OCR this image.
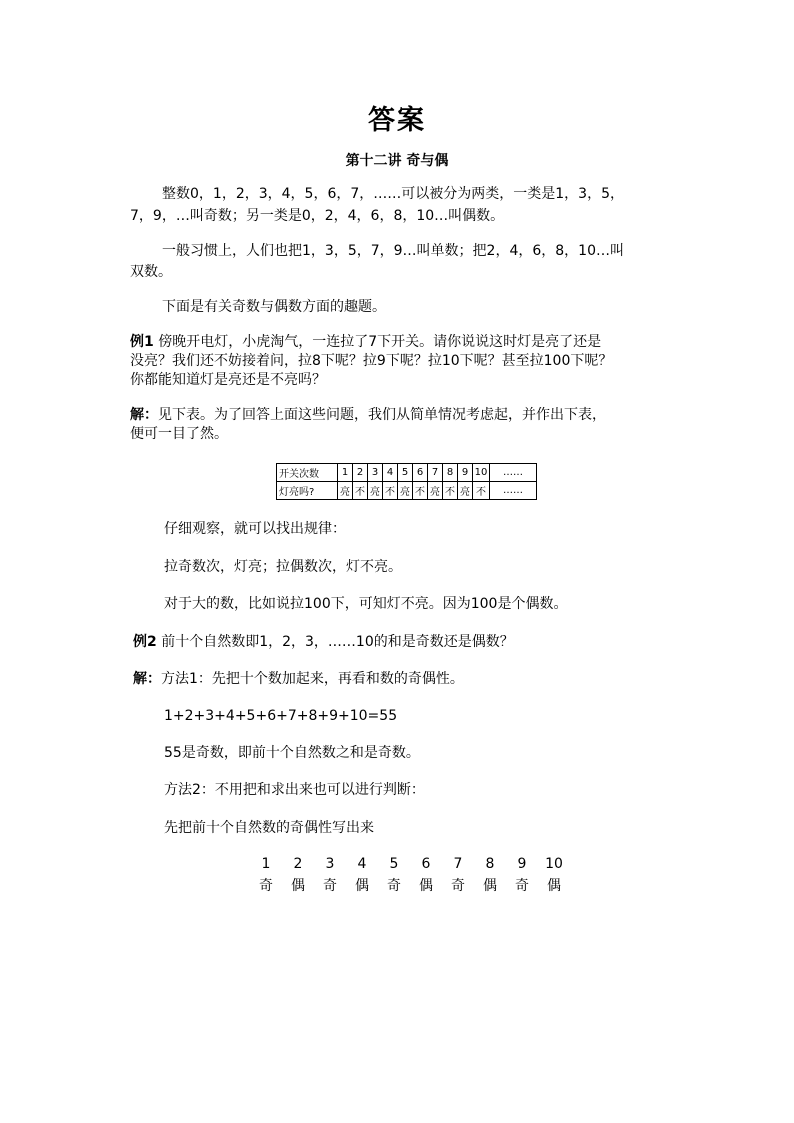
答案
第十二讲 奇与偶
整数0，1，2，3，4，5，6，7，……可以被分为两类，一类是1，3，5，
7，9，…叫奇数；另一类是0，2，4，6，8，10…叫偶数。
一般习惯上，人们也把1，3，5，7，9…叫单数；把2，4，6，8，10…叫
双数。
下面是有关奇数与偶数方面的趣题。
例1 傍晚开电灯，小虎淘气，一连拉了7下开关。请你说说这时灯是亮了还是
没亮？我们还不妨接着问，拉8下呢？拉9下呢？拉10下呢？甚至拉100下呢？
你都能知道灯是亮还是不亮吗？
解：见下表。为了回答上面这些问题，我们从简单情况考虑起，并作出下表，
便可一目了然。
开关次数	1	2	3	4	5	6	7	8	9	10	……
灯亮吗?	亮	不	亮	不	亮	不	亮	不	亮	不	……
仔细观察，就可以找出规律：
拉奇数次，灯亮；拉偶数次，灯不亮。
对于大的数，比如说拉100下，可知灯不亮。因为100是个偶数。
例2 前十个自然数即1，2，3，……10的和是奇数还是偶数？
解：方法1：先把十个数加起来，再看和数的奇偶性。
1+2+3+4+5+6+7+8+9+10=55
55是奇数，即前十个自然数之和是奇数。
方法2：不用把和求出来也可以进行判断：
先把前十个自然数的奇偶性写出来
1 2 3 4 5 6 7 8 9 10
奇 偶 奇 偶 奇 偶 奇 偶 奇 偶
